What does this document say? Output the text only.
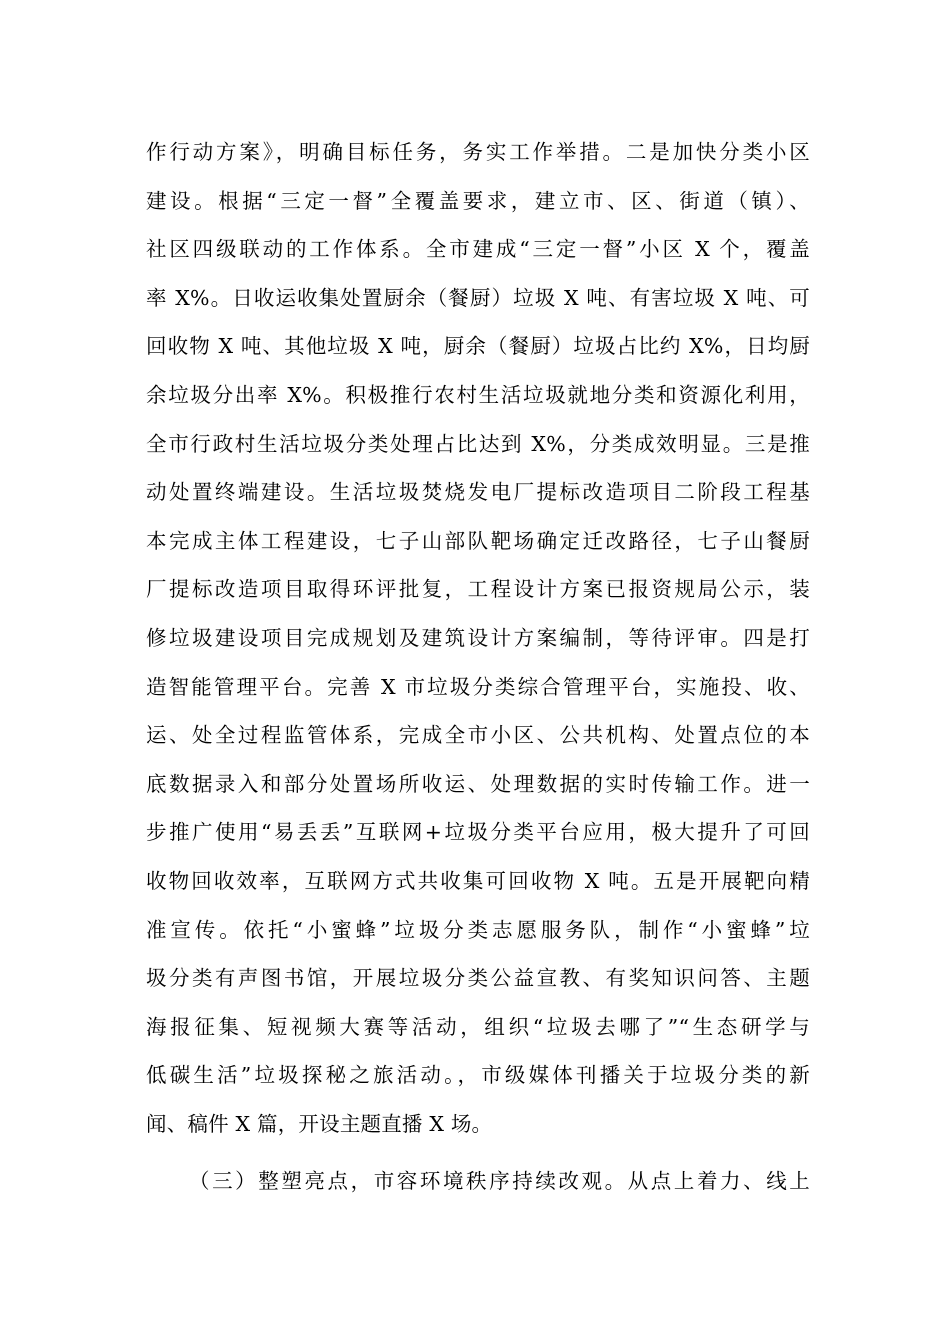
作行动方案》，明确目标任务，务实工作举措。二是加快分类小区
建设。根据“三定一督”全覆盖要求，建立市、区、街道（镇）、
社区四级联动的工作体系。全市建成“三定一督”小区 X 个，覆盖
率 X%。日收运收集处置厨余（餐厨）垃圾 X 吨、有害垃圾 X 吨、可
回收物 X 吨、其他垃圾 X 吨，厨余（餐厨）垃圾占比约 X%，日均厨
余垃圾分出率 X%。积极推行农村生活垃圾就地分类和资源化利用，
全市行政村生活垃圾分类处理占比达到 X%，分类成效明显。三是推
动处置终端建设。生活垃圾焚烧发电厂提标改造项目二阶段工程基
本完成主体工程建设，七子山部队靶场确定迁改路径，七子山餐厨
厂提标改造项目取得环评批复，工程设计方案已报资规局公示，装
修垃圾建设项目完成规划及建筑设计方案编制，等待评审。四是打
造智能管理平台。完善 X 市垃圾分类综合管理平台，实施投、收、
运、处全过程监管体系，完成全市小区、公共机构、处置点位的本
底数据录入和部分处置场所收运、处理数据的实时传输工作。进一
步推广使用“易丢丢”互联网+垃圾分类平台应用，极大提升了可回
收物回收效率，互联网方式共收集可回收物 X 吨。五是开展靶向精
准宣传。依托“小蜜蜂”垃圾分类志愿服务队，制作“小蜜蜂”垃
圾分类有声图书馆，开展垃圾分类公益宣教、有奖知识问答、主题
海报征集、短视频大赛等活动，组织“垃圾去哪了”“生态研学与
低碳生活”垃圾探秘之旅活动。，市级媒体刊播关于垃圾分类的新
闻、稿件 X 篇，开设主题直播 X 场。
（三）整塑亮点，市容环境秩序持续改观。从点上着力、线上
